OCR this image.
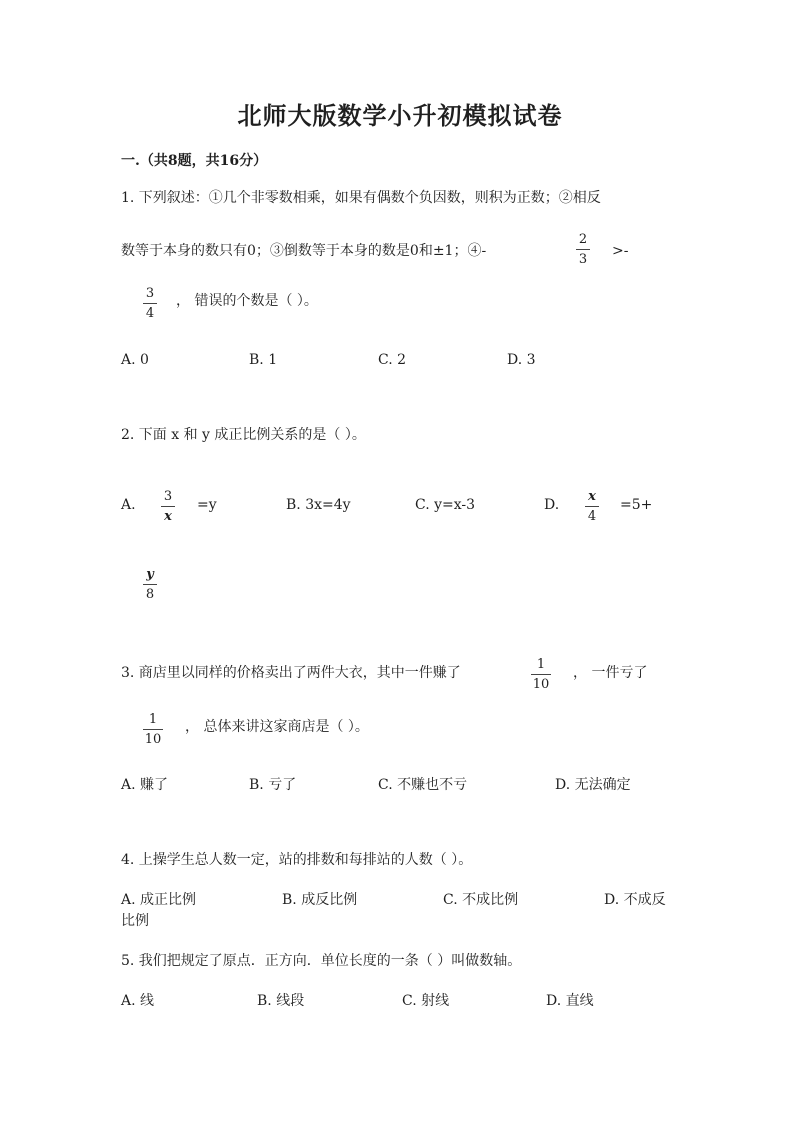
北师大版数学小升初模拟试卷
一.（共8题，共16分）
1. 下列叙述：①几个非零数相乘，如果有偶数个负因数，则积为正数；②相反
数等于本身的数只有0；③倒数等于本身的数是0和±1；④-
2
3
>-
3
4
， 错误的个数是（ ）。
A. 0	B. 1	C. 2	D. 3
2. 下面 x 和 y 成正比例关系的是（ ）。
A.
3
x
=y	B. 3x=4y	C. y=x-3	D.
x
4
=5+
y
8
3. 商店里以同样的价格卖出了两件大衣，其中一件赚了
1
10
， 一件亏了
1
10
， 总体来讲这家商店是（ ）。
A. 赚了	B. 亏了	C. 不赚也不亏	D. 无法确定
4. 上操学生总人数一定，站的排数和每排站的人数（ ）。
A. 成正比例	B. 成反比例	C. 不成比例	D. 不成反
比例
5. 我们把规定了原点．正方向．单位长度的一条（ ）叫做数轴。
A. 线	B. 线段	C. 射线	D. 直线
